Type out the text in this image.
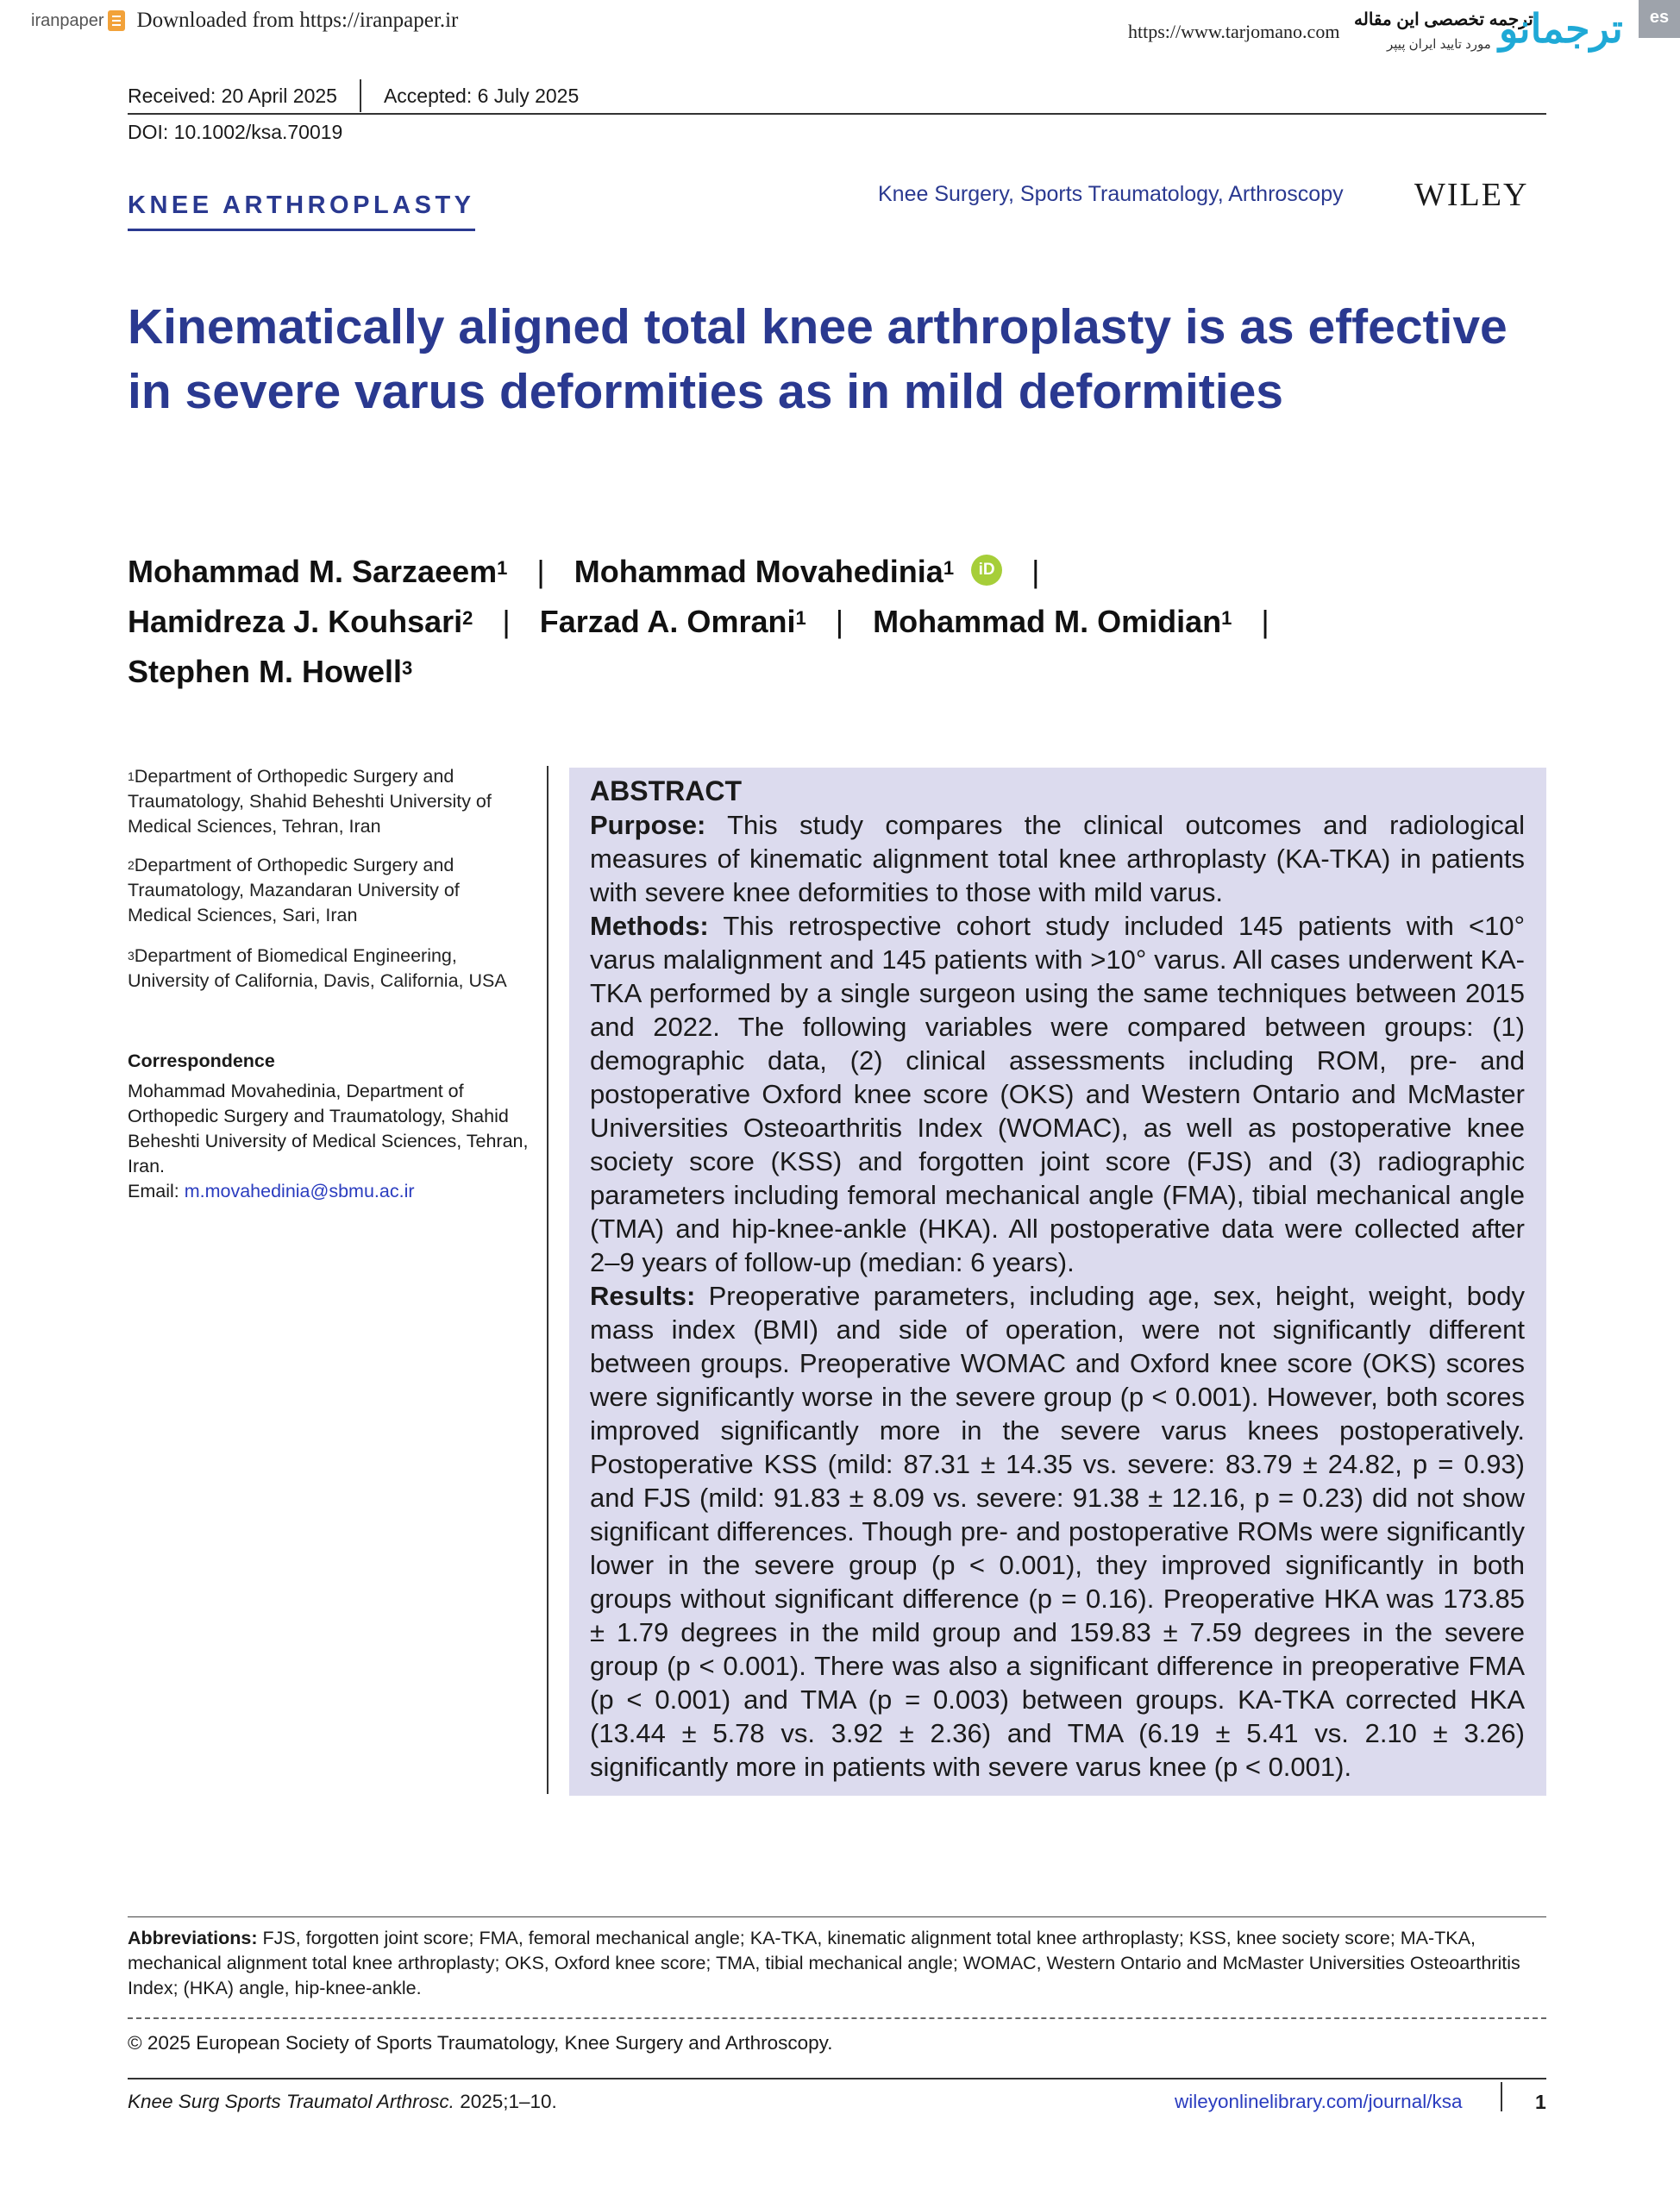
iranpaper Downloaded from https://iranpaper.ir	https://www.tarjomano.com
ترجمه تخصصی این مقاله
مورد تایید ایران پیپر ترجمانو	es
Received: 20 April 2025 Accepted: 6 July 2025
DOI: 10.1002/ksa.70019
KNEE ARTHROPLASTY	Knee Surgery, Sports Traumatology, Arthroscopy WILEY
Kinematically aligned total knee arthroplasty is as effective in severe varus deformities as in mild deformities
Mohammad M. Sarzaeem$^1$ | Mohammad Movahedinia$^1$ iD |
Hamidreza J. Kouhsari$^2$ | Farzad A. Omrani$^1$ | Mohammad M. Omidian$^1$ |
Stephen M. Howell$^3$
$^1$Department of Orthopedic Surgery and Traumatology, Shahid Beheshti University of Medical Sciences, Tehran, Iran
$^2$Department of Orthopedic Surgery and Traumatology, Mazandaran University of Medical Sciences, Sari, Iran
$^3$Department of Biomedical Engineering, University of California, Davis, California, USA
Correspondence
Mohammad Movahedinia, Department of Orthopedic Surgery and Traumatology, Shahid Beheshti University of Medical Sciences, Tehran, Iran.
Email: m.movahedinia@sbmu.ac.ir
ABSTRACT
Purpose: This study compares the clinical outcomes and radiological measures of kinematic alignment total knee arthroplasty (KA-TKA) in patients with severe knee deformities to those with mild varus.
Methods: This retrospective cohort study included 145 patients with <10° varus malalignment and 145 patients with >10° varus. All cases underwent KA-TKA performed by a single surgeon using the same techniques between 2015 and 2022. The following variables were compared between groups: (1) demographic data, (2) clinical assessments including ROM, pre- and postoperative Oxford knee score (OKS) and Western Ontario and McMaster Universities Osteoarthritis Index (WOMAC), as well as postoperative knee society score (KSS) and forgotten joint score (FJS) and (3) radiographic parameters including femoral mechanical angle (FMA), tibial mechanical angle (TMA) and hip-knee-ankle (HKA). All postoperative data were collected after 2–9 years of follow-up (median: 6 years).
Results: Preoperative parameters, including age, sex, height, weight, body mass index (BMI) and side of operation, were not significantly different between groups. Preoperative WOMAC and Oxford knee score (OKS) scores were significantly worse in the severe group (p < 0.001). However, both scores improved significantly more in the severe varus knees postoperatively. Postoperative KSS (mild: 87.31 ± 14.35 vs. severe: 83.79 ± 24.82, p = 0.93) and FJS (mild: 91.83 ± 8.09 vs. severe: 91.38 ± 12.16, p = 0.23) did not show significant differences. Though pre- and postoperative ROMs were significantly lower in the severe group (p < 0.001), they improved significantly in both groups without significant difference (p = 0.16). Preoperative HKA was 173.85 ± 1.79 degrees in the mild group and 159.83 ± 7.59 degrees in the severe group (p < 0.001). There was also a significant difference in preoperative FMA (p < 0.001) and TMA (p = 0.003) between groups. KA-TKA corrected HKA (13.44 ± 5.78 vs. 3.92 ± 2.36) and TMA (6.19 ± 5.41 vs. 2.10 ± 3.26) significantly more in patients with severe varus knee (p < 0.001).
Abbreviations: FJS, forgotten joint score; FMA, femoral mechanical angle; KA-TKA, kinematic alignment total knee arthroplasty; KSS, knee society score; MA-TKA, mechanical alignment total knee arthroplasty; OKS, Oxford knee score; TMA, tibial mechanical angle; WOMAC, Western Ontario and McMaster Universities Osteoarthritis Index; (HKA) angle, hip-knee-ankle.
© 2025 European Society of Sports Traumatology, Knee Surgery and Arthroscopy.
Knee Surg Sports Traumatol Arthrosc. 2025;1–10.	wileyonlinelibrary.com/journal/ksa	1
